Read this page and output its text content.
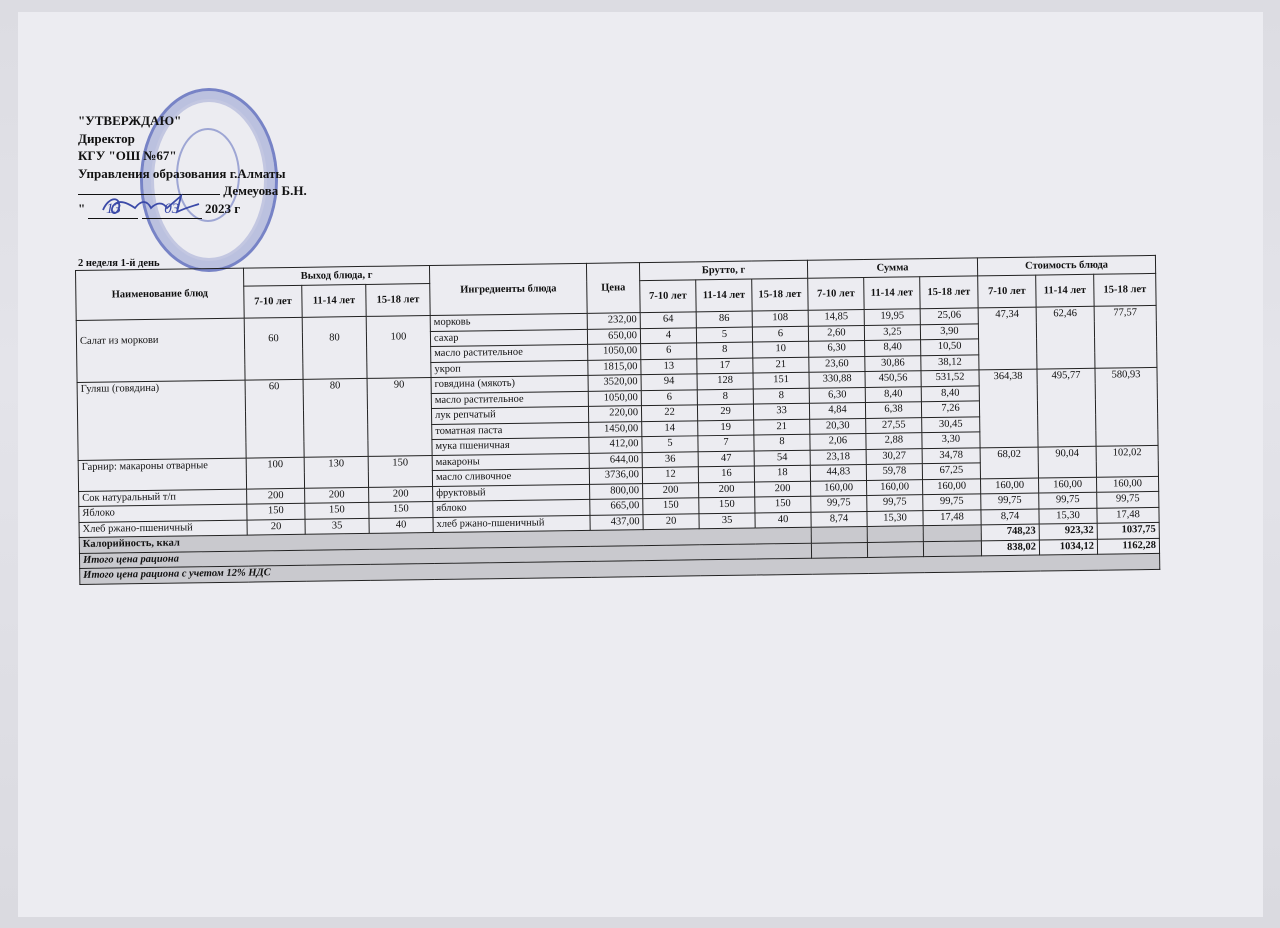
"УТВЕРЖДАЮ"
Директор
КГУ "ОШ №67"
Управления образования г.Алматы
Демеуова Б.Н.
" 13	03 2023 г
2 неделя 1-й день
Наименование блюд	Выход блюда, г			Ингредиенты блюда	Цена	Брутто, г			Сумма			Стоимость блюда		
	7-10 лет	11-14 лет	15-18 лет			7-10 лет	11-14 лет	15-18 лет	7-10 лет	11-14 лет	15-18 лет	7-10 лет	11-14 лет	15-18 лет
Салат из моркови	60	80	100	морковь	232,00	64	86	108	14,85	19,95	25,06	47,34	62,46	77,57
				сахар	650,00	4	5	6	2,60	3,25	3,90			
				масло растительное	1050,00	6	8	10	6,30	8,40	10,50			
				укроп	1815,00	13	17	21	23,60	30,86	38,12			
Гуляш (говядина)	60	80	90	говядина (мякоть)	3520,00	94	128	151	330,88	450,56	531,52	364,38	495,77	580,93
				масло растительное	1050,00	6	8	8	6,30	8,40	8,40			
				лук репчатый	220,00	22	29	33	4,84	6,38	7,26			
				томатная паста	1450,00	14	19	21	20,30	27,55	30,45			
				мука пшеничная	412,00	5	7	8	2,06	2,88	3,30			
Гарнир: макароны отварные	100	130	150	макароны	644,00	36	47	54	23,18	30,27	34,78	68,02	90,04	102,02
				масло сливочное	3736,00	12	16	18	44,83	59,78	67,25			
Сок натуральный т/п	200	200	200	фруктовый	800,00	200	200	200	160,00	160,00	160,00	160,00	160,00	160,00
Яблоко	150	150	150	яблоко	665,00	150	150	150	99,75	99,75	99,75	99,75	99,75	99,75
Хлеб ржано-пшеничный	20	35	40	хлеб ржано-пшеничный	437,00	20	35	40	8,74	15,30	17,48	8,74	15,30	17,48
Калорийность, ккал												748,23	923,32	1037,75
Итого цена рациона												838,02	1034,12	1162,28
Итого цена рациона с учетом 12% НДС														
